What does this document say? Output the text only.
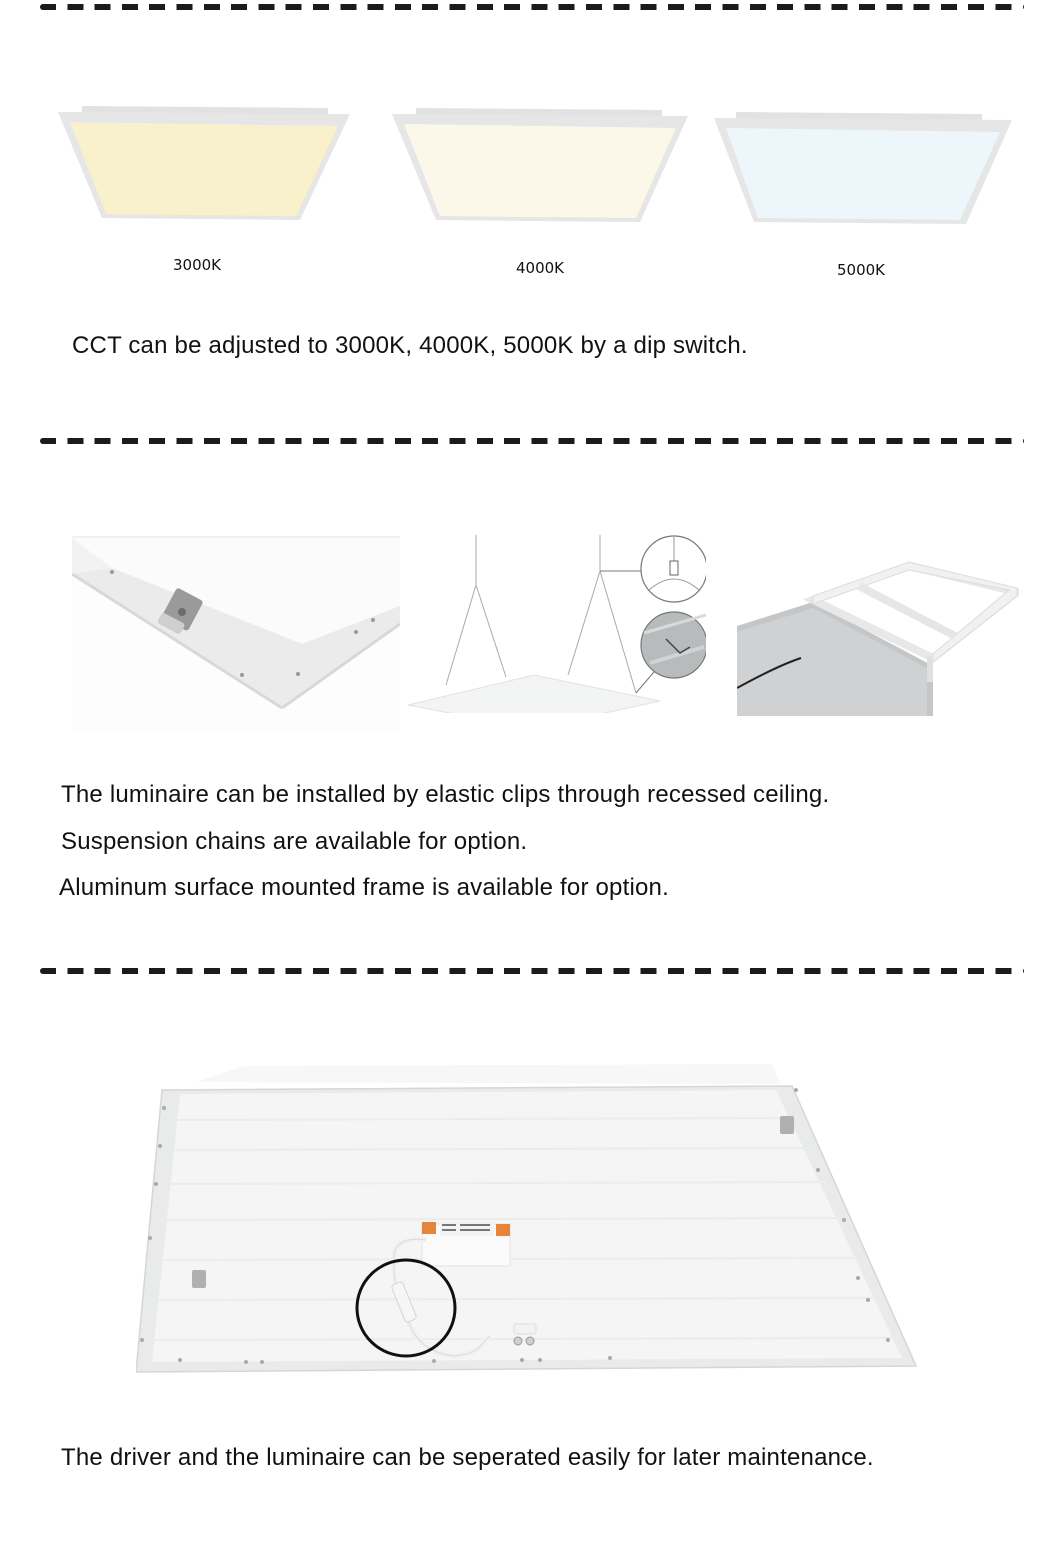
3000K	4000K	5000K
CCT can be adjusted to 3000K, 4000K, 5000K by a dip switch.
The luminaire can be installed by elastic clips through recessed ceiling.
Suspension chains are available for option.
Aluminum surface mounted frame is available for option.
The driver and the luminaire can be seperated easily for later maintenance.
